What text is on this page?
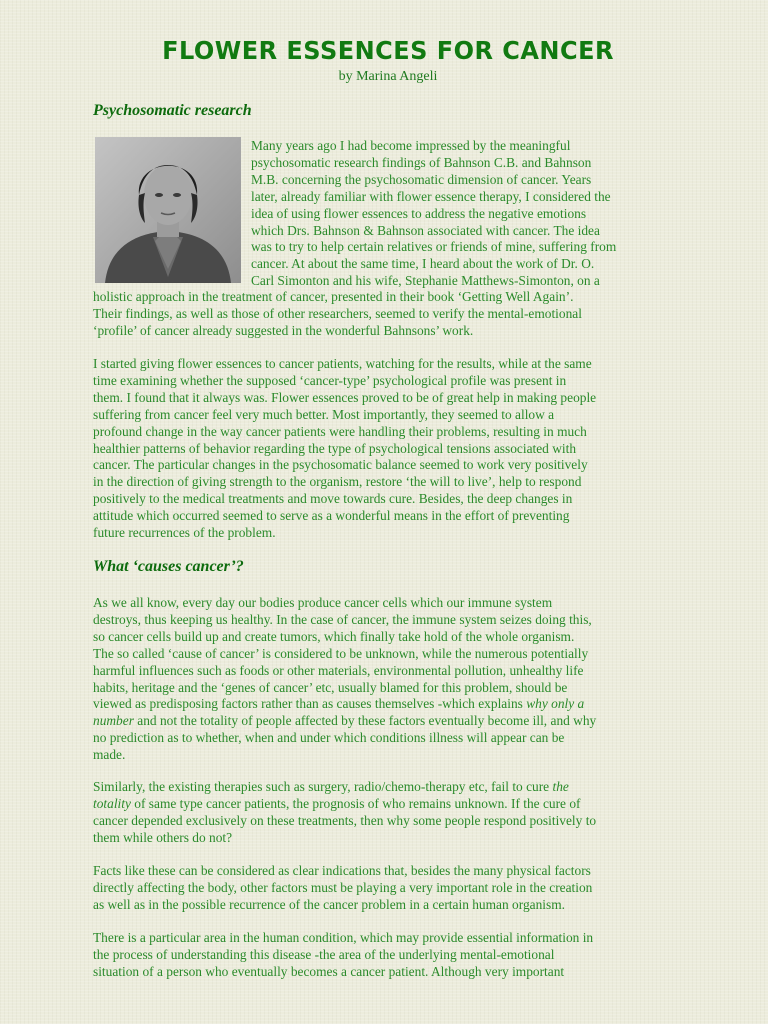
FLOWER ESSENCES FOR CANCER
by Marina Angeli
Psychosomatic research

Many years ago I had become impressed by the meaningful
psychosomatic research findings of Bahnson C.B. and Bahnson
M.B. concerning the psychosomatic dimension of cancer. Years
later, already familiar with flower essence therapy, I considered the
idea of using flower essences to address the negative emotions
which Drs. Bahnson & Bahnson associated with cancer. The idea
was to try to help certain relatives or friends of mine, suffering from
cancer. At about the same time, I heard about the work of Dr. O.
Carl Simonton and his wife, Stephanie Matthews-Simonton, on a

holistic approach in the treatment of cancer, presented in their book ‘Getting Well Again’.
Their findings, as well as those of other researchers, seemed to verify the mental-emotional
‘profile’ of cancer already suggested in the wonderful Bahnsons’ work.

I started giving flower essences to cancer patients, watching for the results, while at the same
time examining whether the supposed ‘cancer-type’ psychological profile was present in
them. I found that it always was. Flower essences proved to be of great help in making people
suffering from cancer feel very much better. Most importantly, they seemed to allow a
profound change in the way cancer patients were handling their problems, resulting in much
healthier patterns of behavior regarding the type of psychological tensions associated with
cancer. The particular changes in the psychosomatic balance seemed to work very positively
in the direction of giving strength to the organism, restore ‘the will to live’, help to respond
positively to the medical treatments and move towards cure. Besides, the deep changes in
attitude which occurred seemed to serve as a wonderful means in the effort of preventing
future recurrences of the problem.

What ‘causes cancer’?

As we all know, every day our bodies produce cancer cells which our immune system
destroys, thus keeping us healthy. In the case of cancer, the immune system seizes doing this,
so cancer cells build up and create tumors, which finally take hold of the whole organism.
The so called ‘cause of cancer’ is considered to be unknown, while the numerous potentially
harmful influences such as foods or other materials, environmental pollution, unhealthy life
habits, heritage and the ‘genes of cancer’ etc, usually blamed for this problem, should be
viewed as predisposing factors rather than as causes themselves -which explains why only a
number and not the totality of people affected by these factors eventually become ill, and why
no prediction as to whether, when and under which conditions illness will appear can be
made.

Similarly, the existing therapies such as surgery, radio/chemo-therapy etc, fail to cure the
totality of same type cancer patients, the prognosis of who remains unknown. If the cure of
cancer depended exclusively on these treatments, then why some people respond positively to
them while others do not?

Facts like these can be considered as clear indications that, besides the many physical factors
directly affecting the body, other factors must be playing a very important role in the creation
as well as in the possible recurrence of the cancer problem in a certain human organism.

There is a particular area in the human condition, which may provide essential information in
the process of understanding this disease -the area of the underlying mental-emotional
situation of a person who eventually becomes a cancer patient. Although very important
